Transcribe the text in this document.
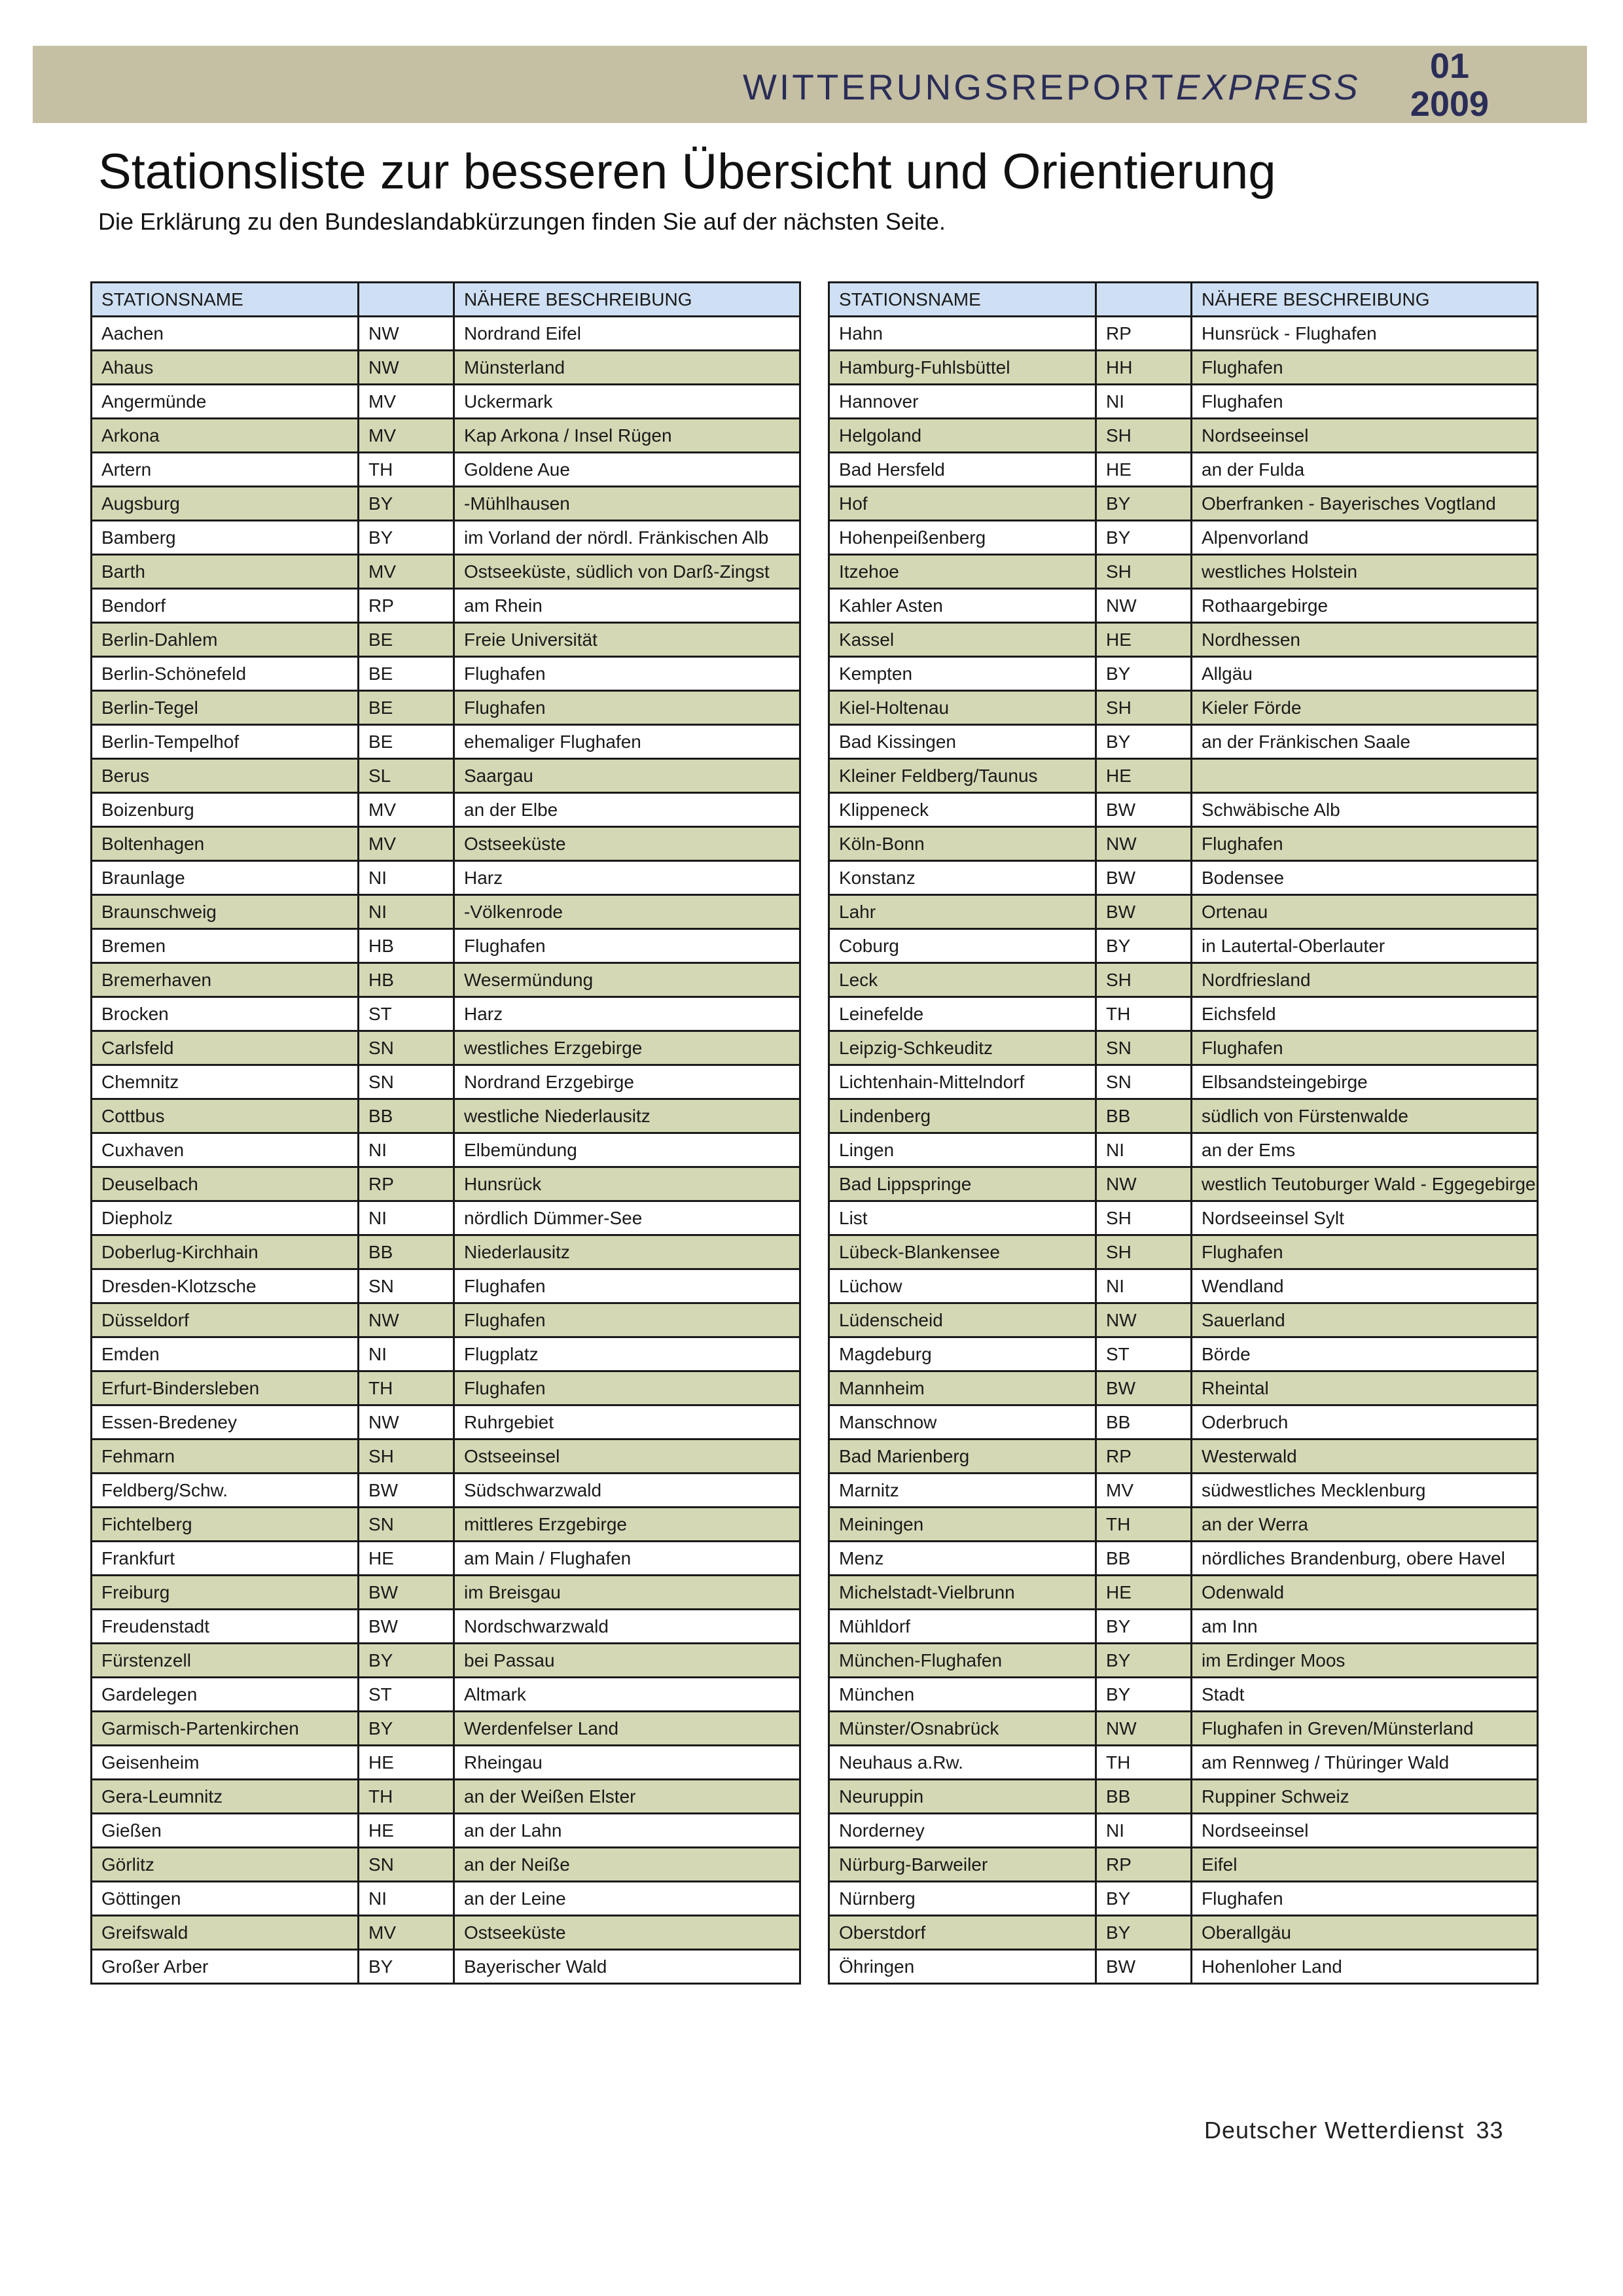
WITTERUNGSREPORTEXPRESS
01
2009
Stationsliste zur besseren Übersicht und Orientierung
Die Erklärung zu den Bundeslandabkürzungen finden Sie auf der nächsten Seite.
STATIONSNAME		NÄHERE BESCHREIBUNG
Aachen	NW	Nordrand Eifel
Ahaus	NW	Münsterland
Angermünde	MV	Uckermark
Arkona	MV	Kap Arkona / Insel Rügen
Artern	TH	Goldene Aue
Augsburg	BY	-Mühlhausen
Bamberg	BY	im Vorland der nördl. Fränkischen Alb
Barth	MV	Ostseeküste, südlich von Darß-Zingst
Bendorf	RP	am Rhein
Berlin-Dahlem	BE	Freie Universität
Berlin-Schönefeld	BE	Flughafen
Berlin-Tegel	BE	Flughafen
Berlin-Tempelhof	BE	ehemaliger Flughafen
Berus	SL	Saargau
Boizenburg	MV	an der Elbe
Boltenhagen	MV	Ostseeküste
Braunlage	NI	Harz
Braunschweig	NI	-Völkenrode
Bremen	HB	Flughafen
Bremerhaven	HB	Wesermündung
Brocken	ST	Harz
Carlsfeld	SN	westliches Erzgebirge
Chemnitz	SN	Nordrand Erzgebirge
Cottbus	BB	westliche Niederlausitz
Cuxhaven	NI	Elbemündung
Deuselbach	RP	Hunsrück
Diepholz	NI	nördlich Dümmer-See
Doberlug-Kirchhain	BB	Niederlausitz
Dresden-Klotzsche	SN	Flughafen
Düsseldorf	NW	Flughafen
Emden	NI	Flugplatz
Erfurt-Bindersleben	TH	Flughafen
Essen-Bredeney	NW	Ruhrgebiet
Fehmarn	SH	Ostseeinsel
Feldberg/Schw.	BW	Südschwarzwald
Fichtelberg	SN	mittleres Erzgebirge
Frankfurt	HE	am Main / Flughafen
Freiburg	BW	im Breisgau
Freudenstadt	BW	Nordschwarzwald
Fürstenzell	BY	bei Passau
Gardelegen	ST	Altmark
Garmisch-Partenkirchen	BY	Werdenfelser Land
Geisenheim	HE	Rheingau
Gera-Leumnitz	TH	an der Weißen Elster
Gießen	HE	an der Lahn
Görlitz	SN	an der Neiße
Göttingen	NI	an der Leine
Greifswald	MV	Ostseeküste
Großer Arber	BY	Bayerischer Wald
STATIONSNAME		NÄHERE BESCHREIBUNG
Hahn	RP	Hunsrück - Flughafen
Hamburg-Fuhlsbüttel	HH	Flughafen
Hannover	NI	Flughafen
Helgoland	SH	Nordseeinsel
Bad Hersfeld	HE	an der Fulda
Hof	BY	Oberfranken - Bayerisches Vogtland
Hohenpeißenberg	BY	Alpenvorland
Itzehoe	SH	westliches Holstein
Kahler Asten	NW	Rothaargebirge
Kassel	HE	Nordhessen
Kempten	BY	Allgäu
Kiel-Holtenau	SH	Kieler Förde
Bad Kissingen	BY	an der Fränkischen Saale
Kleiner Feldberg/Taunus	HE	
Klippeneck	BW	Schwäbische Alb
Köln-Bonn	NW	Flughafen
Konstanz	BW	Bodensee
Lahr	BW	Ortenau
Coburg	BY	in Lautertal-Oberlauter
Leck	SH	Nordfriesland
Leinefelde	TH	Eichsfeld
Leipzig-Schkeuditz	SN	Flughafen
Lichtenhain-Mittelndorf	SN	Elbsandsteingebirge
Lindenberg	BB	südlich von Fürstenwalde
Lingen	NI	an der Ems
Bad Lippspringe	NW	westlich Teutoburger Wald - Eggegebirge
List	SH	Nordseeinsel Sylt
Lübeck-Blankensee	SH	Flughafen
Lüchow	NI	Wendland
Lüdenscheid	NW	Sauerland
Magdeburg	ST	Börde
Mannheim	BW	Rheintal
Manschnow	BB	Oderbruch
Bad Marienberg	RP	Westerwald
Marnitz	MV	südwestliches Mecklenburg
Meiningen	TH	an der Werra
Menz	BB	nördliches Brandenburg, obere Havel
Michelstadt-Vielbrunn	HE	Odenwald
Mühldorf	BY	am Inn
München-Flughafen	BY	im Erdinger Moos
München	BY	Stadt
Münster/Osnabrück	NW	Flughafen in Greven/Münsterland
Neuhaus a.Rw.	TH	am Rennweg / Thüringer Wald
Neuruppin	BB	Ruppiner Schweiz
Norderney	NI	Nordseeinsel
Nürburg-Barweiler	RP	Eifel
Nürnberg	BY	Flughafen
Oberstdorf	BY	Oberallgäu
Öhringen	BW	Hohenloher Land
Deutscher Wetterdienst 33
